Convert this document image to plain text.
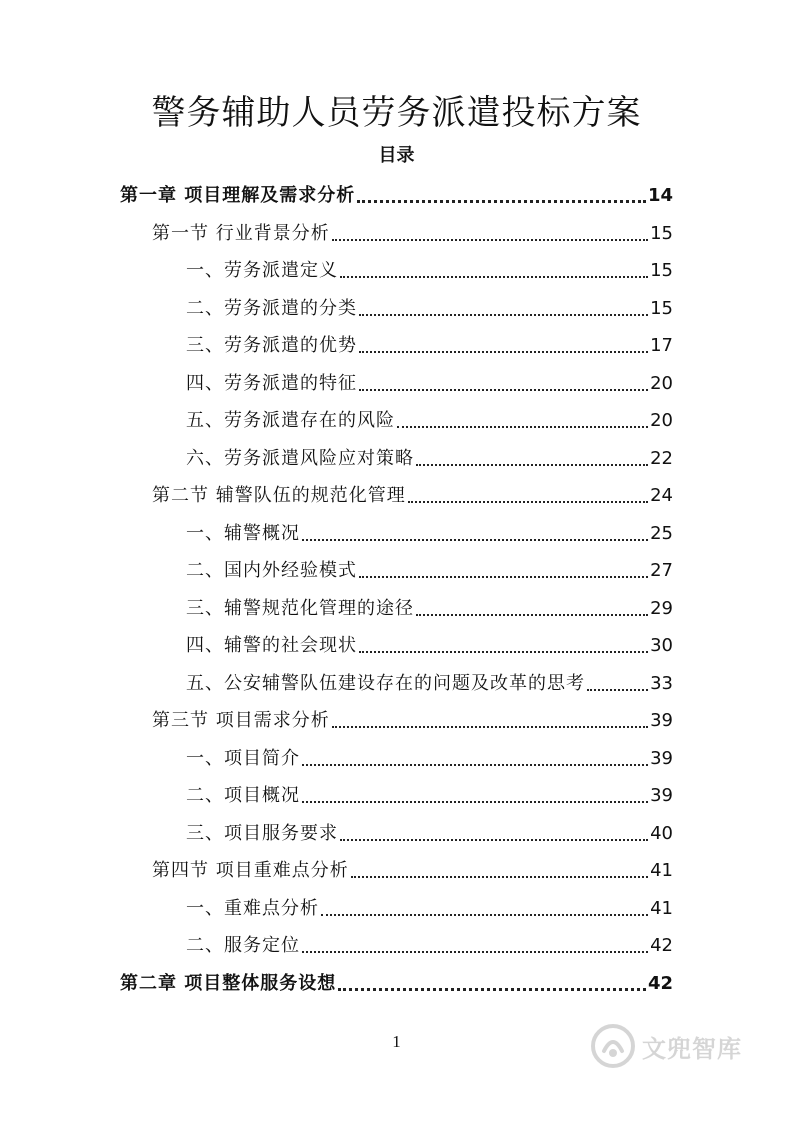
警务辅助人员劳务派遣投标方案
目录
第一章 项目理解及需求分析	14
第一节 行业背景分析	15
一、劳务派遣定义	15
二、劳务派遣的分类	15
三、劳务派遣的优势	17
四、劳务派遣的特征	20
五、劳务派遣存在的风险	20
六、劳务派遣风险应对策略	22
第二节 辅警队伍的规范化管理	24
一、辅警概况	25
二、国内外经验模式	27
三、辅警规范化管理的途径	29
四、辅警的社会现状	30
五、公安辅警队伍建设存在的问题及改革的思考	33
第三节 项目需求分析	39
一、项目简介	39
二、项目概况	39
三、项目服务要求	40
第四节 项目重难点分析	41
一、重难点分析	41
二、服务定位	42
第二章 项目整体服务设想	42
1	文兜智库
